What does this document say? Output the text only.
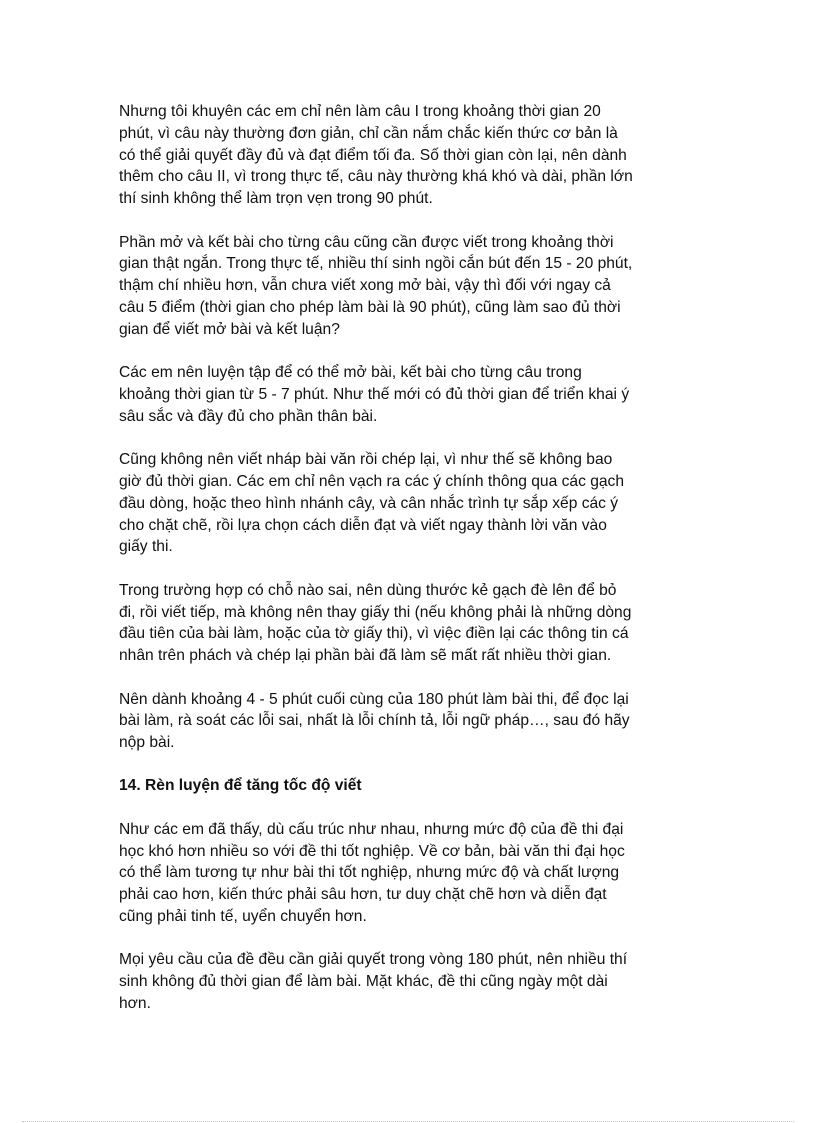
Nhưng tôi khuyên các em chỉ nên làm câu I trong khoảng thời gian 20
phút, vì câu này thường đơn giản, chỉ cần nắm chắc kiến thức cơ bản là
có thể giải quyết đầy đủ và đạt điểm tối đa. Số thời gian còn lại, nên dành
thêm cho câu II, vì trong thực tế, câu này thường khá khó và dài, phần lớn
thí sinh không thể làm trọn vẹn trong 90 phút.

Phần mở và kết bài cho từng câu cũng cần được viết trong khoảng thời
gian thật ngắn. Trong thực tế, nhiều thí sinh ngồi cắn bút đến 15 - 20 phút,
thậm chí nhiều hơn, vẫn chưa viết xong mở bài, vậy thì đối với ngay cả
câu 5 điểm (thời gian cho phép làm bài là 90 phút), cũng làm sao đủ thời
gian để viết mở bài và kết luận?

Các em nên luyện tập để có thể mở bài, kết bài cho từng câu trong
khoảng thời gian từ 5 - 7 phút. Như thế mới có đủ thời gian để triển khai ý
sâu sắc và đầy đủ cho phần thân bài.

Cũng không nên viết nháp bài văn rồi chép lại, vì như thế sẽ không bao
giờ đủ thời gian. Các em chỉ nên vạch ra các ý chính thông qua các gạch
đầu dòng, hoặc theo hình nhánh cây, và cân nhắc trình tự sắp xếp các ý
cho chặt chẽ, rồi lựa chọn cách diễn đạt và viết ngay thành lời văn vào
giấy thi.

Trong trường hợp có chỗ nào sai, nên dùng thước kẻ gạch đè lên để bỏ
đi, rồi viết tiếp, mà không nên thay giấy thi (nếu không phải là những dòng
đầu tiên của bài làm, hoặc của tờ giấy thi), vì việc điền lại các thông tin cá
nhân trên phách và chép lại phần bài đã làm sẽ mất rất nhiều thời gian.

Nên dành khoảng 4 - 5 phút cuối cùng của 180 phút làm bài thi, để đọc lại
bài làm, rà soát các lỗi sai, nhất là lỗi chính tả, lỗi ngữ pháp…, sau đó hãy
nộp bài.

14. Rèn luyện để tăng tốc độ viết

Như các em đã thấy, dù cấu trúc như nhau, nhưng mức độ của đề thi đại
học khó hơn nhiều so với đề thi tốt nghiệp. Về cơ bản, bài văn thi đại học
có thể làm tương tự như bài thi tốt nghiệp, nhưng mức độ và chất lượng
phải cao hơn, kiến thức phải sâu hơn, tư duy chặt chẽ hơn và diễn đạt
cũng phải tinh tế, uyển chuyển hơn.

Mọi yêu cầu của đề đều cần giải quyết trong vòng 180 phút, nên nhiều thí
sinh không đủ thời gian để làm bài. Mặt khác, đề thi cũng ngày một dài
hơn.
